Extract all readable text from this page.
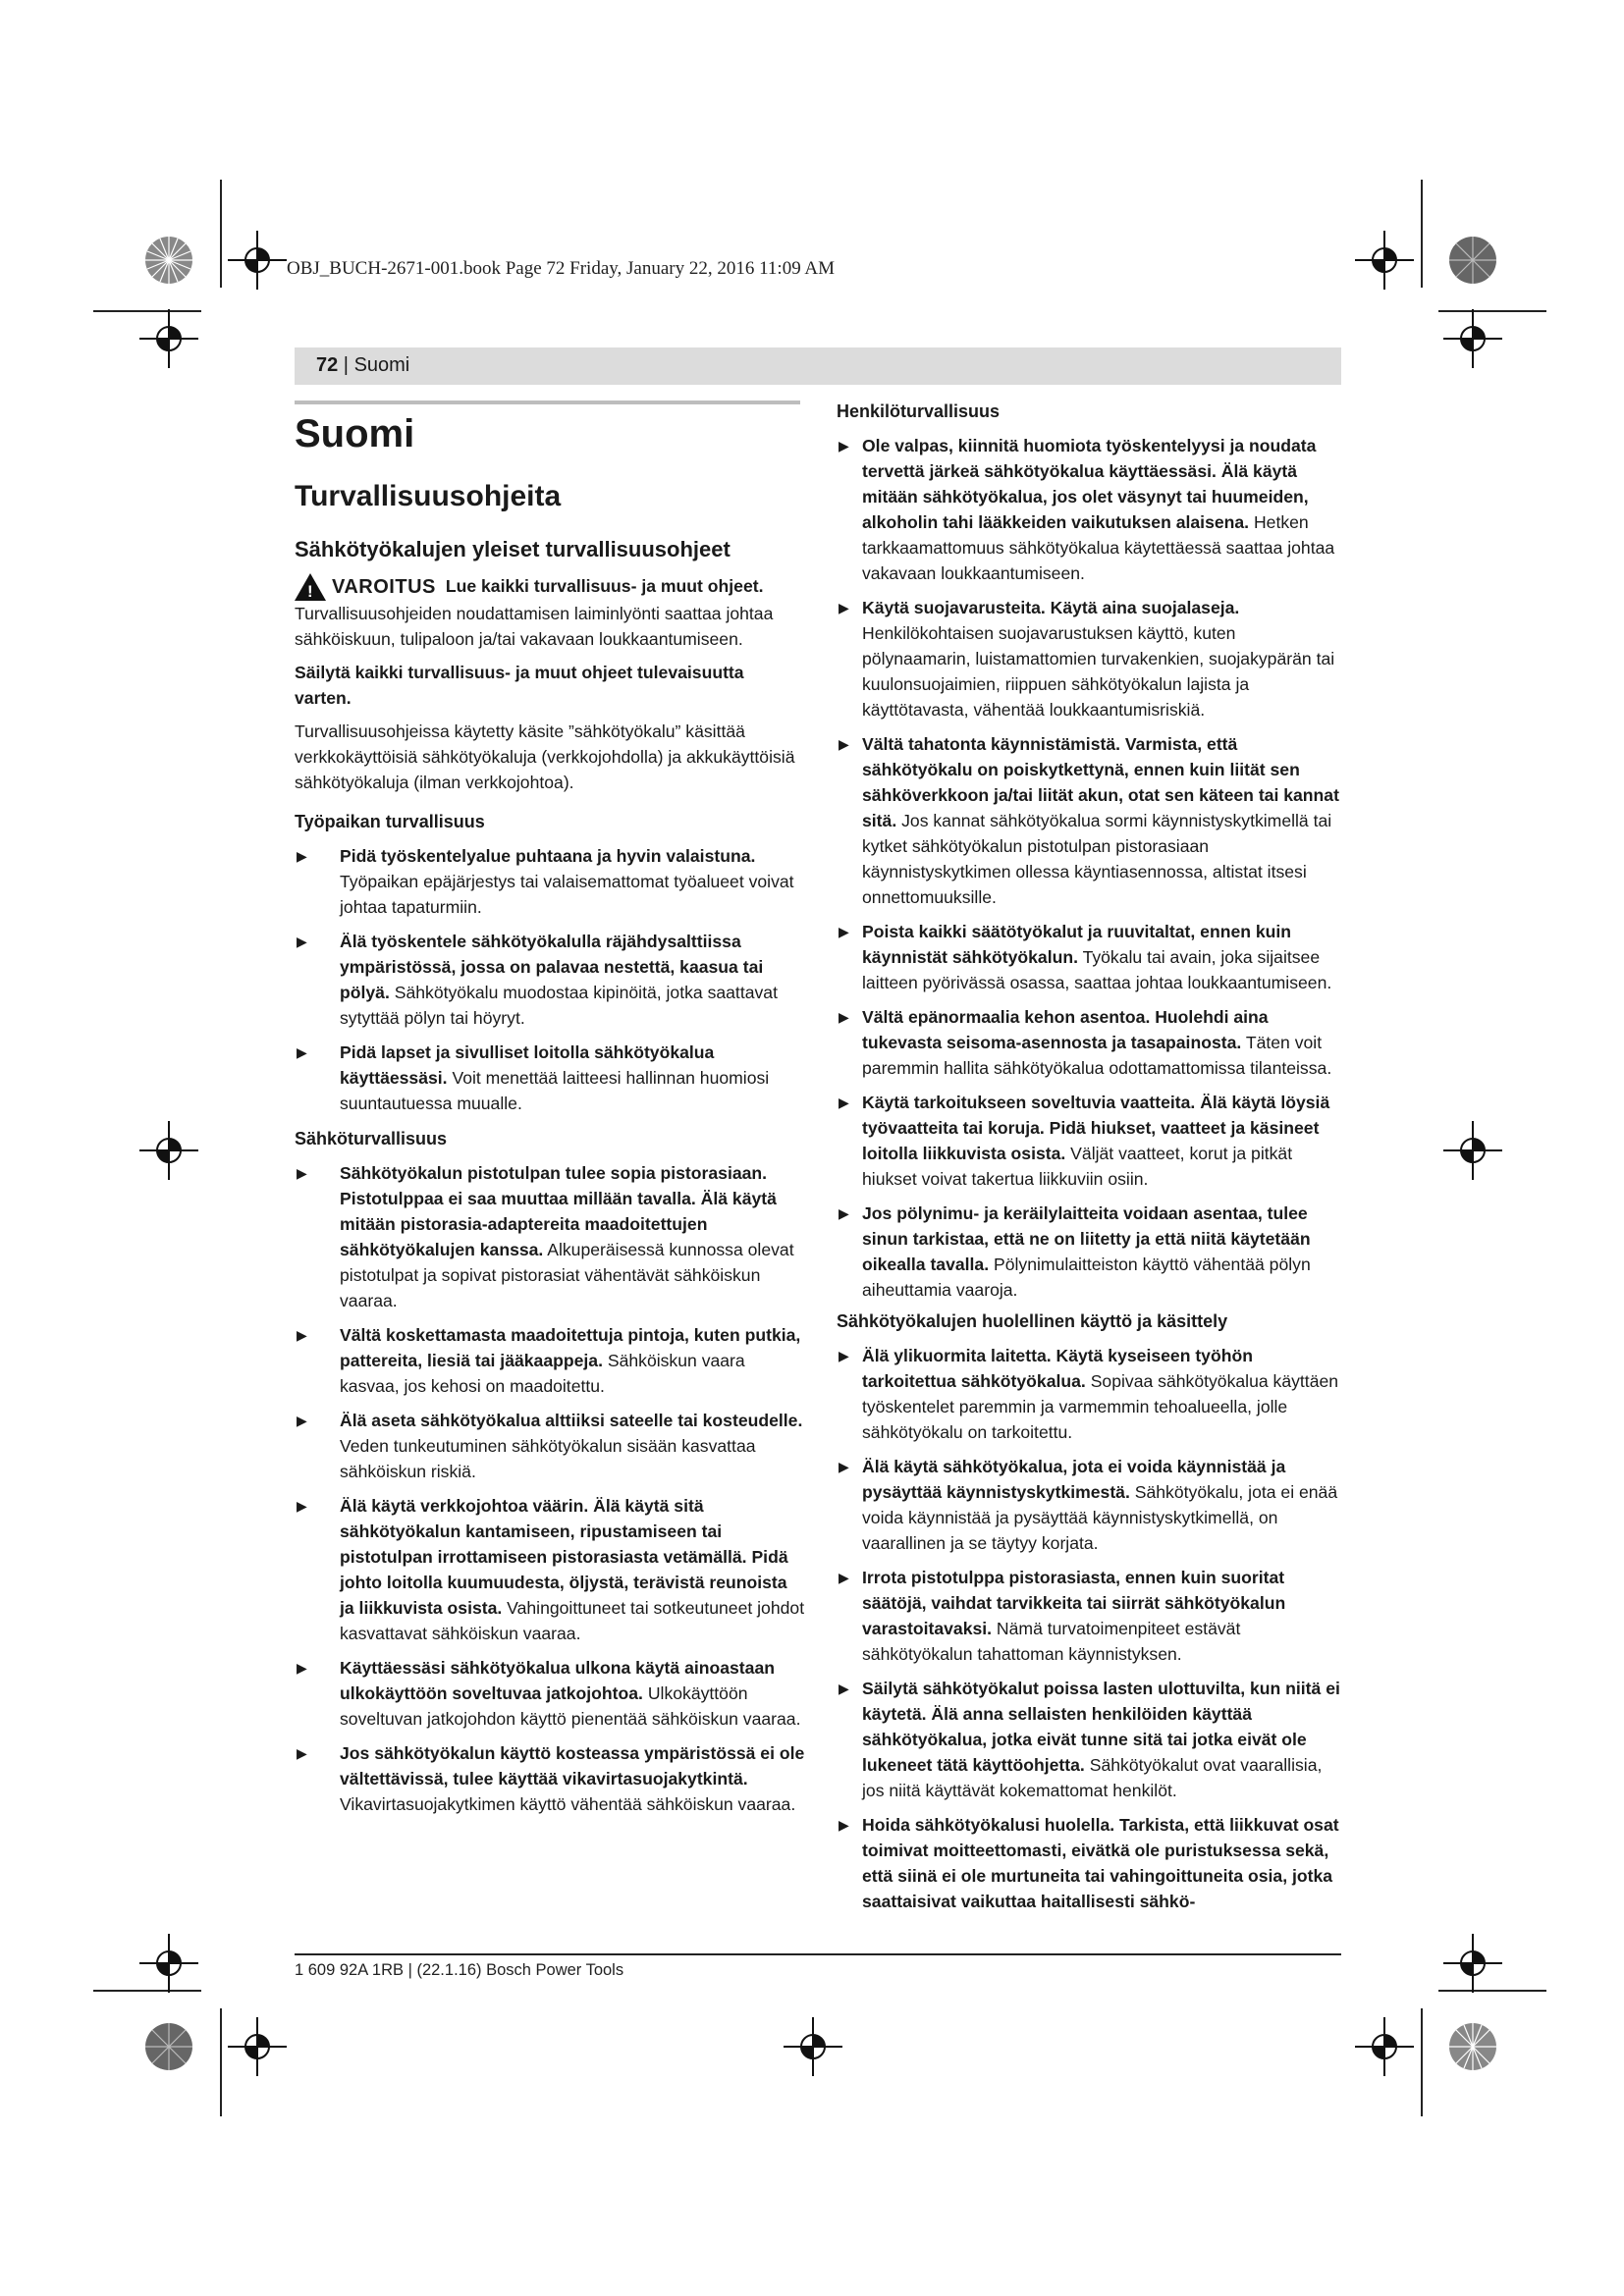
OBJ_BUCH-2671-001.book Page 72 Friday, January 22, 2016 11:09 AM
72 | Suomi

Suomi

Turvallisuusohjeita

Sähkötyökalujen yleiset turvallisuusohjeet

! VAROITUS Lue kaikki turvallisuus- ja muut ohjeet. Turvallisuusohjeiden noudattamisen laiminlyönti saattaa johtaa sähköiskuun, tulipaloon ja/tai vakavaan loukkaantumiseen.

Säilytä kaikki turvallisuus- ja muut ohjeet tulevaisuutta varten.

Turvallisuusohjeissa käytetty käsite ”sähkötyökalu” käsittää verkkokäyttöisiä sähkötyökaluja (verkkojohdolla) ja akkukäyttöisiä sähkötyökaluja (ilman verkkojohtoa).

Työpaikan turvallisuus

▶ Pidä työskentelyalue puhtaana ja hyvin valaistuna. Työpaikan epäjärjestys tai valaisemattomat työalueet voivat johtaa tapaturmiin.

▶ Älä työskentele sähkötyökalulla räjähdysalttiissa ympäristössä, jossa on palavaa nestettä, kaasua tai pölyä. Sähkötyökalu muodostaa kipinöitä, jotka saattavat sytyttää pölyn tai höyryt.

▶ Pidä lapset ja sivulliset loitolla sähkötyökalua käyttäessäsi. Voit menettää laitteesi hallinnan huomiosi suuntautuessa muualle.

Sähköturvallisuus

▶ Sähkötyökalun pistotulpan tulee sopia pistorasiaan. Pistotulppaa ei saa muuttaa millään tavalla. Älä käytä mitään pistorasia-adaptereita maadoitettujen sähkötyökalujen kanssa. Alkuperäisessä kunnossa olevat pistotulpat ja sopivat pistorasiat vähentävät sähköiskun vaaraa.

▶ Vältä koskettamasta maadoitettuja pintoja, kuten putkia, pattereita, liesiä tai jääkaappeja. Sähköiskun vaara kasvaa, jos kehosi on maadoitettu.

▶ Älä aseta sähkötyökalua alttiiksi sateelle tai kosteudelle. Veden tunkeutuminen sähkötyökalun sisään kasvattaa sähköiskun riskiä.

▶ Älä käytä verkkojohtoa väärin. Älä käytä sitä sähkötyökalun kantamiseen, ripustamiseen tai pistotulpan irrottamiseen pistorasiasta vetämällä. Pidä johto loitolla kuumuudesta, öljystä, terävistä reunoista ja liikkuvista osista. Vahingoittuneet tai sotkeutuneet johdot kasvattavat sähköiskun vaaraa.

▶ Käyttäessäsi sähkötyökalua ulkona käytä ainoastaan ulkokäyttöön soveltuvaa jatkojohtoa. Ulkokäyttöön soveltuvan jatkojohdon käyttö pienentää sähköiskun vaaraa.

▶ Jos sähkötyökalun käyttö kosteassa ympäristössä ei ole vältettävissä, tulee käyttää vikavirtasuojakytkintä. Vikavirtasuojakytkimen käyttö vähentää sähköiskun vaaraa.

Henkilöturvallisuus

▶ Ole valpas, kiinnitä huomiota työskentelyysi ja noudata tervettä järkeä sähkötyökalua käyttäessäsi. Älä käytä mitään sähkötyökalua, jos olet väsynyt tai huumeiden, alkoholin tahi lääkkeiden vaikutuksen alaisena. Hetken tarkkaamattomuus sähkötyökalua käytettäessä saattaa johtaa vakavaan loukkaantumiseen.

▶ Käytä suojavarusteita. Käytä aina suojalaseja. Henkilökohtaisen suojavarustuksen käyttö, kuten pölynaamarin, luistamattomien turvakenkien, suojakypärän tai kuulonsuojaimien, riippuen sähkötyökalun lajista ja käyttötavasta, vähentää loukkaantumisriskiä.

▶ Vältä tahatonta käynnistämistä. Varmista, että sähkötyökalu on poiskytkettynä, ennen kuin liität sen sähköverkkoon ja/tai liität akun, otat sen käteen tai kannat sitä. Jos kannat sähkötyökalua sormi käynnistyskytkimellä tai kytket sähkötyökalun pistotulpan pistorasiaan käynnistyskytkimen ollessa käyntiasennossa, altistat itsesi onnettomuuksille.

▶ Poista kaikki säätötyökalut ja ruuvitaltat, ennen kuin käynnistät sähkötyökalun. Työkalu tai avain, joka sijaitsee laitteen pyörivässä osassa, saattaa johtaa loukkaantumiseen.

▶ Vältä epänormaalia kehon asentoa. Huolehdi aina tukevasta seisoma-asennosta ja tasapainosta. Täten voit paremmin hallita sähkötyökalua odottamattomissa tilanteissa.

▶ Käytä tarkoitukseen soveltuvia vaatteita. Älä käytä löysiä työvaatteita tai koruja. Pidä hiukset, vaatteet ja käsineet loitolla liikkuvista osista. Väljät vaatteet, korut ja pitkät hiukset voivat takertua liikkuviin osiin.

▶ Jos pölynimu- ja keräilylaitteita voidaan asentaa, tulee sinun tarkistaa, että ne on liitetty ja että niitä käytetään oikealla tavalla. Pölynimulaitteiston käyttö vähentää pölyn aiheuttamia vaaroja.

Sähkötyökalujen huolellinen käyttö ja käsittely

▶ Älä ylikuormita laitetta. Käytä kyseiseen työhön tarkoitettua sähkötyökalua. Sopivaa sähkötyökalua käyttäen työskentelet paremmin ja varmemmin tehoalueella, jolle sähkötyökalu on tarkoitettu.

▶ Älä käytä sähkötyökalua, jota ei voida käynnistää ja pysäyttää käynnistyskytkimestä. Sähkötyökalu, jota ei enää voida käynnistää ja pysäyttää käynnistyskytkimellä, on vaarallinen ja se täytyy korjata.

▶ Irrota pistotulppa pistorasiasta, ennen kuin suoritat säätöjä, vaihdat tarvikkeita tai siirrät sähkötyökalun varastoitavaksi. Nämä turvatoimenpiteet estävät sähkötyökalun tahattoman käynnistyksen.

▶ Säilytä sähkötyökalut poissa lasten ulottuvilta, kun niitä ei käytetä. Älä anna sellaisten henkilöiden käyttää sähkötyökalua, jotka eivät tunne sitä tai jotka eivät ole lukeneet tätä käyttöohjetta. Sähkötyökalut ovat vaarallisia, jos niitä käyttävät kokemattomat henkilöt.

▶ Hoida sähkötyökalusi huolella. Tarkista, että liikkuvat osat toimivat moitteettomasti, eivätkä ole puristuksessa sekä, että siinä ei ole murtuneita tai vahingoittuneita osia, jotka saattaisivat vaikuttaa haitallisesti sähkö-

1 609 92A 1RB | (22.1.16) Bosch Power Tools
